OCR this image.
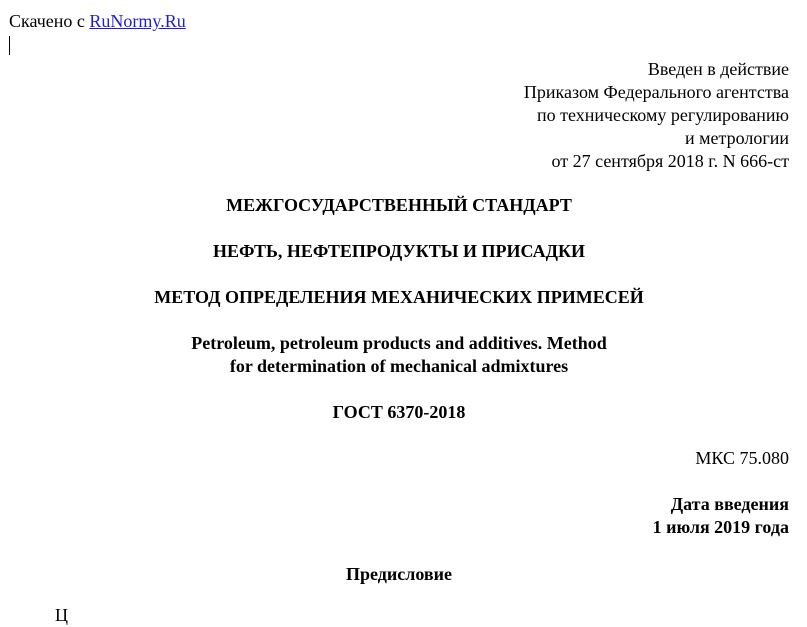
Скачено с RuNormy.Ru
Введен в действие
Приказом Федерального агентства
по техническому регулированию
и метрологии
от 27 сентября 2018 г. N 666-ст
МЕЖГОСУДАРСТВЕННЫЙ СТАНДАРТ
НЕФТЬ, НЕФТЕПРОДУКТЫ И ПРИСАДКИ
МЕТОД ОПРЕДЕЛЕНИЯ МЕХАНИЧЕСКИХ ПРИМЕСЕЙ
Petroleum, petroleum products and additives. Method
for determination of mechanical admixtures
ГОСТ 6370-2018
МКС 75.080
Дата введения
1 июля 2019 года
Предисловие
Ц
